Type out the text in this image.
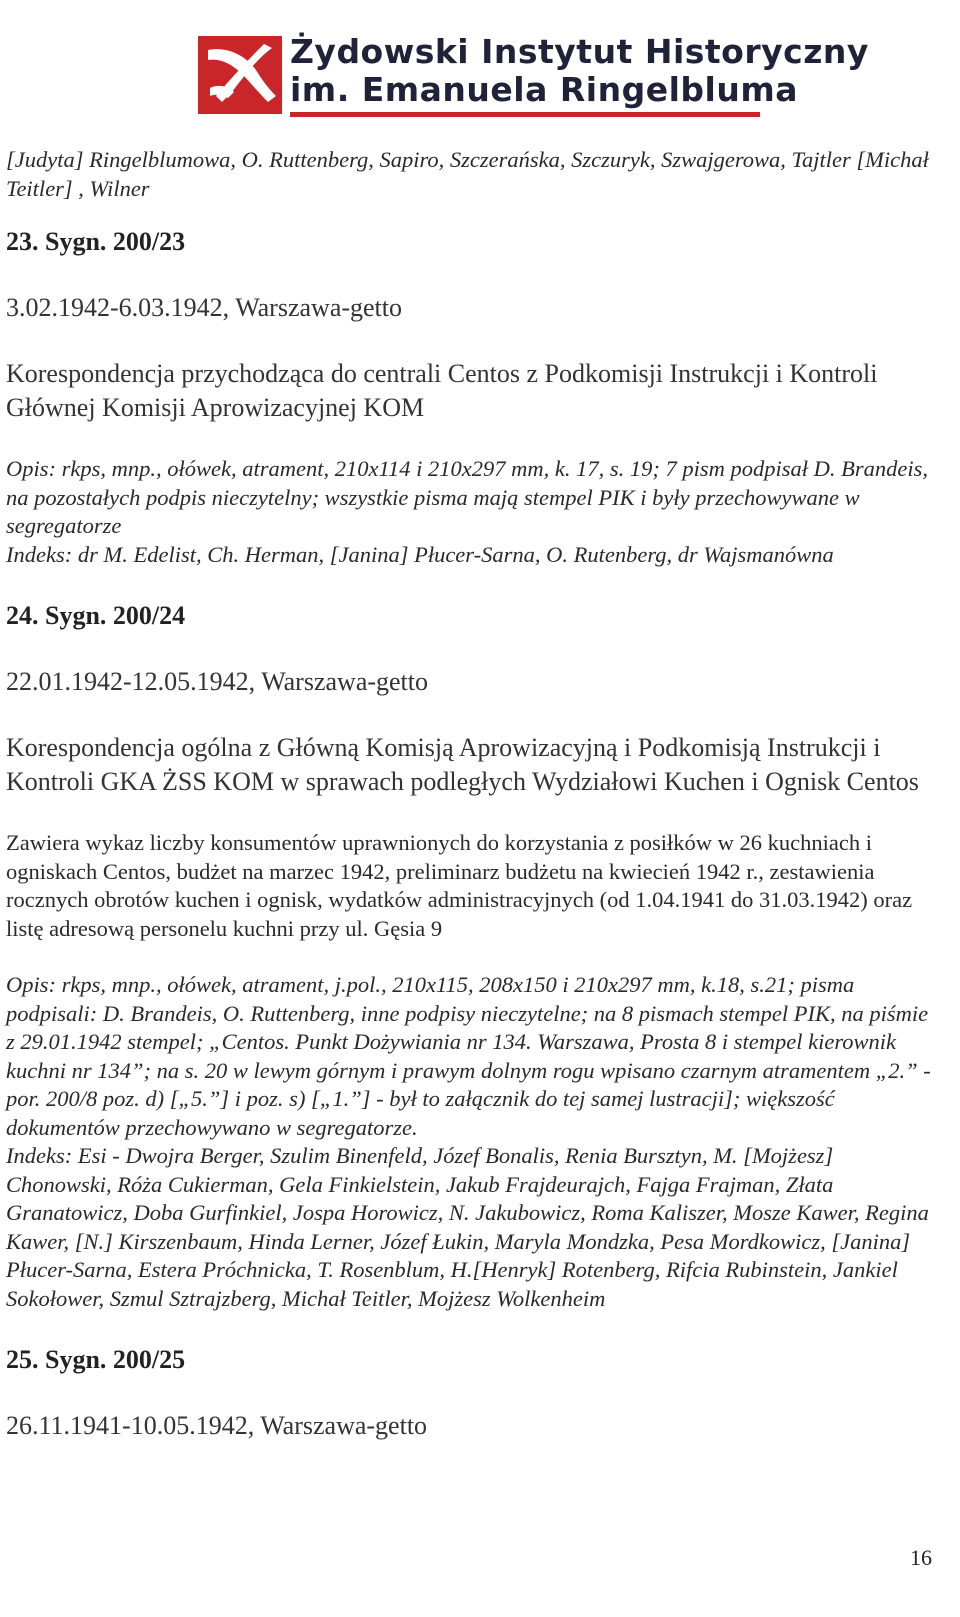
Żydowski Instytut Historyczny
im. Emanuela Ringelbluma

[Judyta] Ringelblumowa, O. Ruttenberg, Sapiro, Szczerańska, Szczuryk, Szwajgerowa, Tajtler [Michał Teitler] , Wilner

23. Sygn. 200/23

3.02.1942-6.03.1942, Warszawa-getto

Korespondencja przychodząca do centrali Centos z Podkomisji Instrukcji i Kontroli Głównej Komisji Aprowizacyjnej KOM

Opis: rkps, mnp., ołówek, atrament, 210x114 i 210x297 mm, k. 17, s. 19; 7 pism podpisał D. Brandeis, na pozostałych podpis nieczytelny; wszystkie pisma mają stempel PIK i były przechowywane w segregatorze

Indeks: dr M. Edelist, Ch. Herman, [Janina] Płucer-Sarna, O. Rutenberg, dr Wajsmanówna

24. Sygn. 200/24

22.01.1942-12.05.1942, Warszawa-getto

Korespondencja ogólna z Główną Komisją Aprowizacyjną i Podkomisją Instrukcji i Kontroli GKA ŻSS KOM w sprawach podległych Wydziałowi Kuchen i Ognisk Centos

Zawiera wykaz liczby konsumentów uprawnionych do korzystania z posiłków w 26 kuchniach i ogniskach Centos, budżet na marzec 1942, preliminarz budżetu na kwiecień 1942 r., zestawienia rocznych obrotów kuchen i ognisk, wydatków administracyjnych (od 1.04.1941 do 31.03.1942) oraz listę adresową personelu kuchni przy ul. Gęsia 9

Opis: rkps, mnp., ołówek, atrament, j.pol., 210x115, 208x150 i 210x297 mm, k.18, s.21; pisma podpisali: D. Brandeis, O. Ruttenberg, inne podpisy nieczytelne; na 8 pismach stempel PIK, na piśmie z 29.01.1942 stempel; „Centos. Punkt Dożywiania nr 134. Warszawa, Prosta 8 i stempel kierownik kuchni nr 134”; na s. 20 w lewym górnym i prawym dolnym rogu wpisano czarnym atramentem „2.” - por. 200/8 poz. d) [„5.”] i poz. s) [„1.”] - był to załącznik do tej samej lustracji]; większość dokumentów przechowywano w segregatorze.

Indeks: Esi - Dwojra Berger, Szulim Binenfeld, Józef Bonalis, Renia Bursztyn, M. [Mojżesz] Chonowski, Róża Cukierman, Gela Finkielstein, Jakub Frajdeurajch, Fajga Frajman, Złata Granatowicz, Doba Gurfinkiel, Jospa Horowicz, N. Jakubowicz, Roma Kaliszer, Mosze Kawer, Regina Kawer, [N.] Kirszenbaum, Hinda Lerner, Józef Łukin, Maryla Mondzka, Pesa Mordkowicz, [Janina] Płucer-Sarna, Estera Próchnicka, T. Rosenblum, H.[Henryk] Rotenberg, Rifcia Rubinstein, Jankiel Sokołower, Szmul Sztrajzberg, Michał Teitler, Mojżesz Wolkenheim

25. Sygn. 200/25

26.11.1941-10.05.1942, Warszawa-getto

16
